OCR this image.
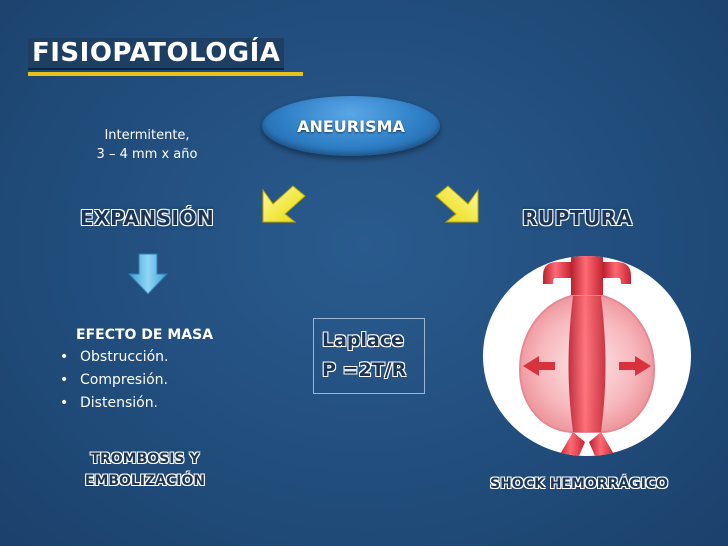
FISIOPATOLOGÍA
ANEURISMA
Intermitente,
3 – 4 mm x año
EXPANSIÓN	RUPTURA
EFECTO DE MASA
• Obstrucción.
• Compresión.
• Distensión.
TROMBOSIS Y
EMBOLIZACIÓN
Laplace
P =2T/R
SHOCK HEMORRÁGICO
